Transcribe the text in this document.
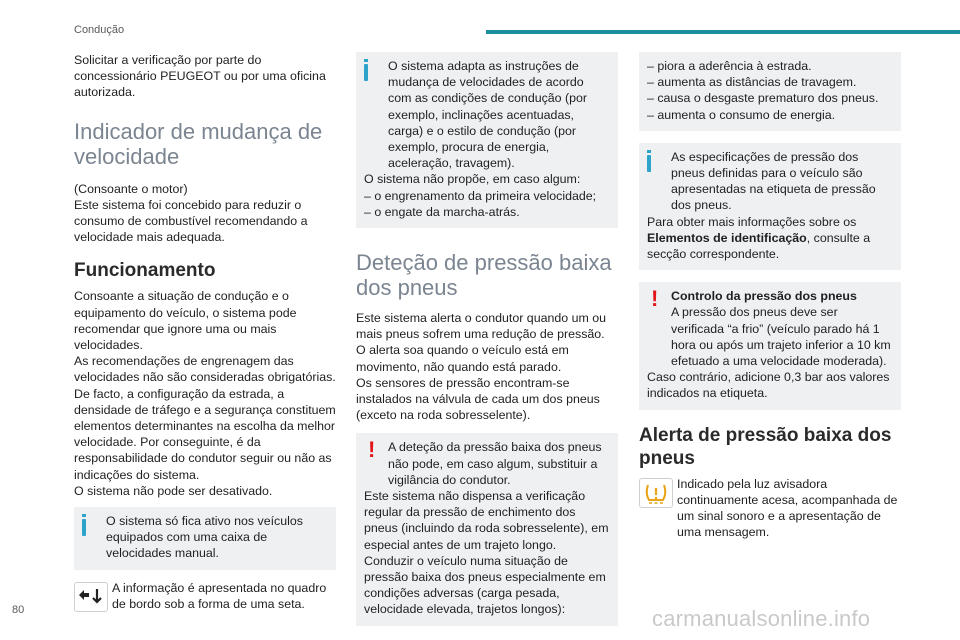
Condução

Solicitar a verificação por parte do concessionário PEUGEOT ou por uma oficina autorizada.

Indicador de mudança de velocidade

(Consoante o motor)

Este sistema foi concebido para reduzir o consumo de combustível recomendando a velocidade mais adequada.

Funcionamento

Consoante a situação de condução e o equipamento do veículo, o sistema pode recomendar que ignore uma ou mais velocidades.

As recomendações de engrenagem das velocidades não são consideradas obrigatórias. De facto, a configuração da estrada, a densidade de tráfego e a segurança constituem elementos determinantes na escolha da melhor velocidade. Por conseguinte, é da responsabilidade do condutor seguir ou não as indicações do sistema.

O sistema não pode ser desativado.

O sistema só fica ativo nos veículos equipados com uma caixa de velocidades manual.

A informação é apresentada no quadro de bordo sob a forma de uma seta.

O sistema adapta as instruções de mudança de velocidades de acordo com as condições de condução (por exemplo, inclinações acentuadas, carga) e o estilo de condução (por exemplo, procura de energia, aceleração, travagem).

O sistema não propõe, em caso algum:

– o engrenamento da primeira velocidade;

– o engate da marcha-atrás.

Deteção de pressão baixa dos pneus

Este sistema alerta o condutor quando um ou mais pneus sofrem uma redução de pressão.

O alerta soa quando o veículo está em movimento, não quando está parado.

Os sensores de pressão encontram-se instalados na válvula de cada um dos pneus (exceto na roda sobresselente).

!	A deteção da pressão baixa dos pneus não pode, em caso algum, substituir a vigilância do condutor.

Este sistema não dispensa a verificação regular da pressão de enchimento dos pneus (incluindo da roda sobresselente), em especial antes de um trajeto longo.

Conduzir o veículo numa situação de pressão baixa dos pneus especialmente em condições adversas (carga pesada, velocidade elevada, trajetos longos):

– piora a aderência à estrada.

– aumenta as distâncias de travagem.

– causa o desgaste prematuro dos pneus.

– aumenta o consumo de energia.

As especificações de pressão dos pneus definidas para o veículo são apresentadas na etiqueta de pressão dos pneus.

Para obter mais informações sobre os Elementos de identificação, consulte a secção correspondente.

!	Controlo da pressão dos pneus

A pressão dos pneus deve ser verificada “a frio” (veículo parado há 1 hora ou após um trajeto inferior a 10 km efetuado a uma velocidade moderada).

Caso contrário, adicione 0,3 bar aos valores indicados na etiqueta.

Alerta de pressão baixa dos pneus

Indicado pela luz avisadora continuamente acesa, acompanhada de um sinal sonoro e a apresentação de uma mensagem.

80	carmanualsonline.info
